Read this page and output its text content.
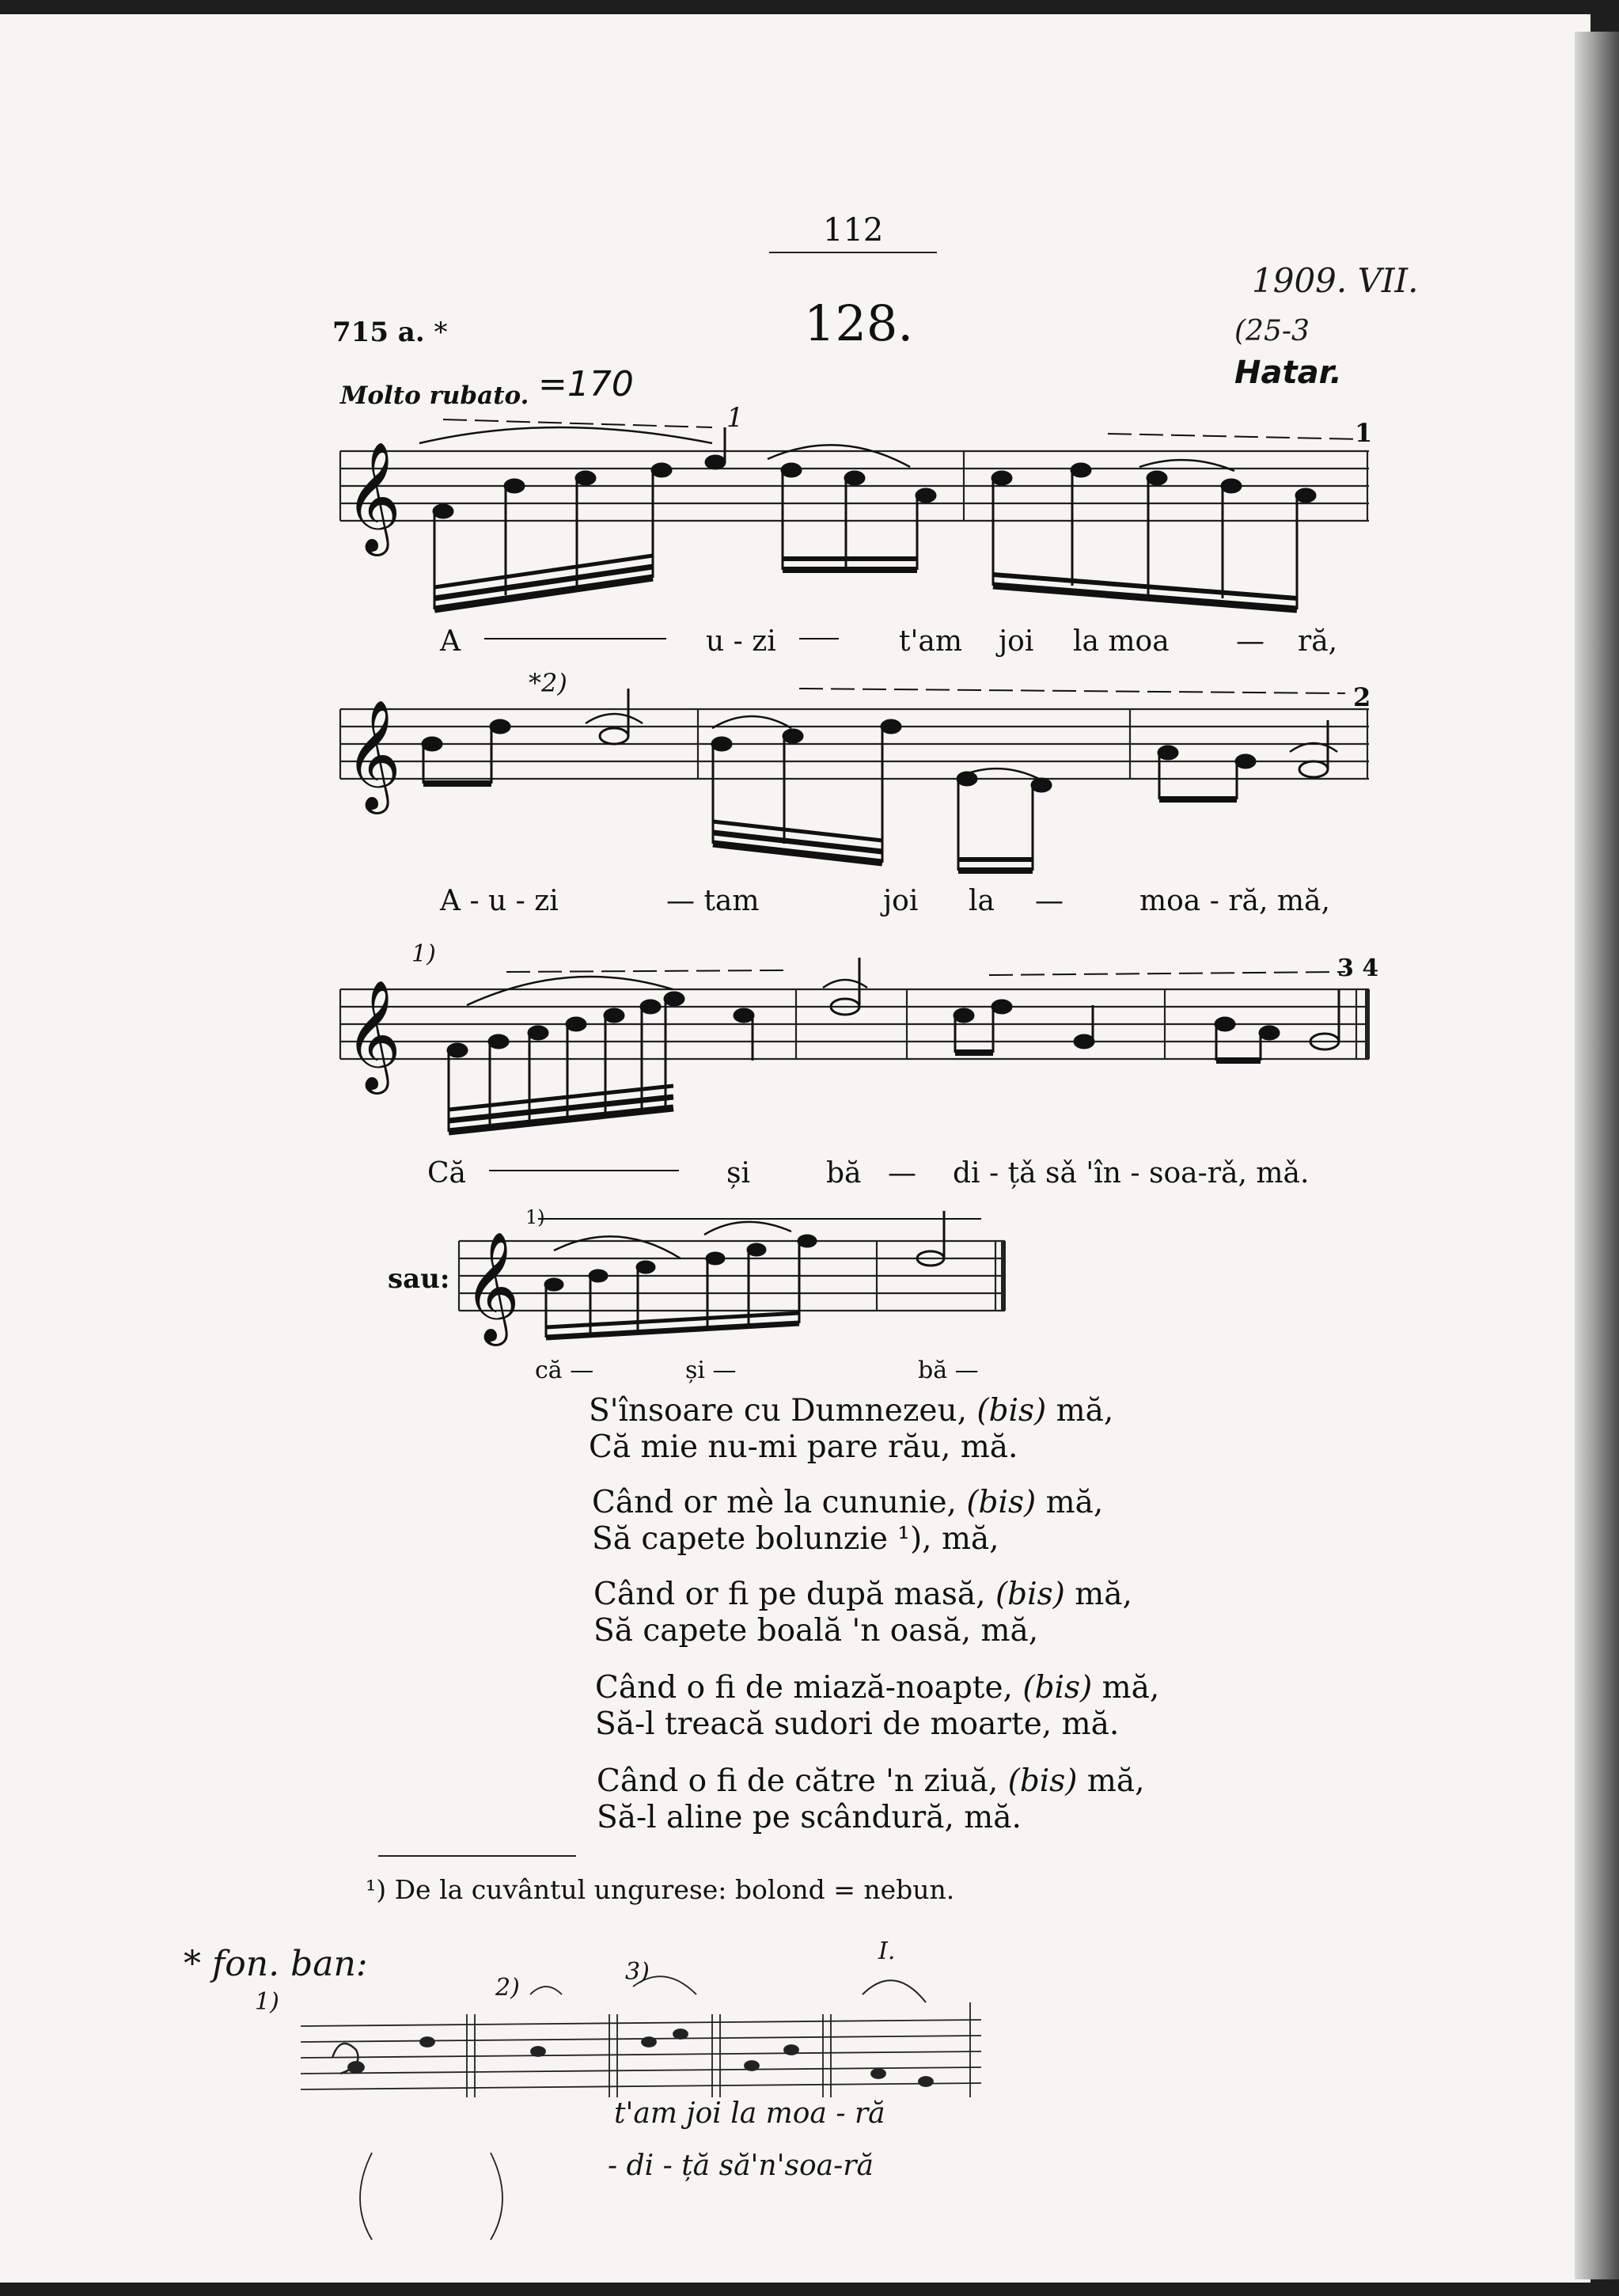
112
128.
715 a. *
Molto rubato. =170
1909. VII.
(25-3
Hatar.
𝄞
𝄞
𝄞
𝄞
A	u - zi	t'am joi la moa — ră,
1
1
A - u - zi	— tam	joi la —	moa - ră, mă,
2
*2)
Că	și	bă — di - țǎ sǎ 'în - soa-rǎ, mǎ.
3 4
1)
sau:
că —	și —	bă —
1)
S'însoare cu Dumnezeu, (bis) mă,
Că mie nu-mi pare rău, mă.
Când or mè la cununie, (bis) mă,
Să capete bolunzie ¹), mă,
Când or fi pe după masă, (bis) mă,
Să capete boală 'n oasă, mă,
Când o fi de miază-noapte, (bis) mă,
Să-l treacă sudori de moarte, mă.
Când o fi de către 'n ziuă, (bis) mă,
Să-l aline pe scândură, mă.
¹) De la cuvântul ungurese: bolond = nebun.
* fon. ban:
1)
2)
3)
I.
t'am joi la moa - ră
- di - ță să'n'soa-ră
